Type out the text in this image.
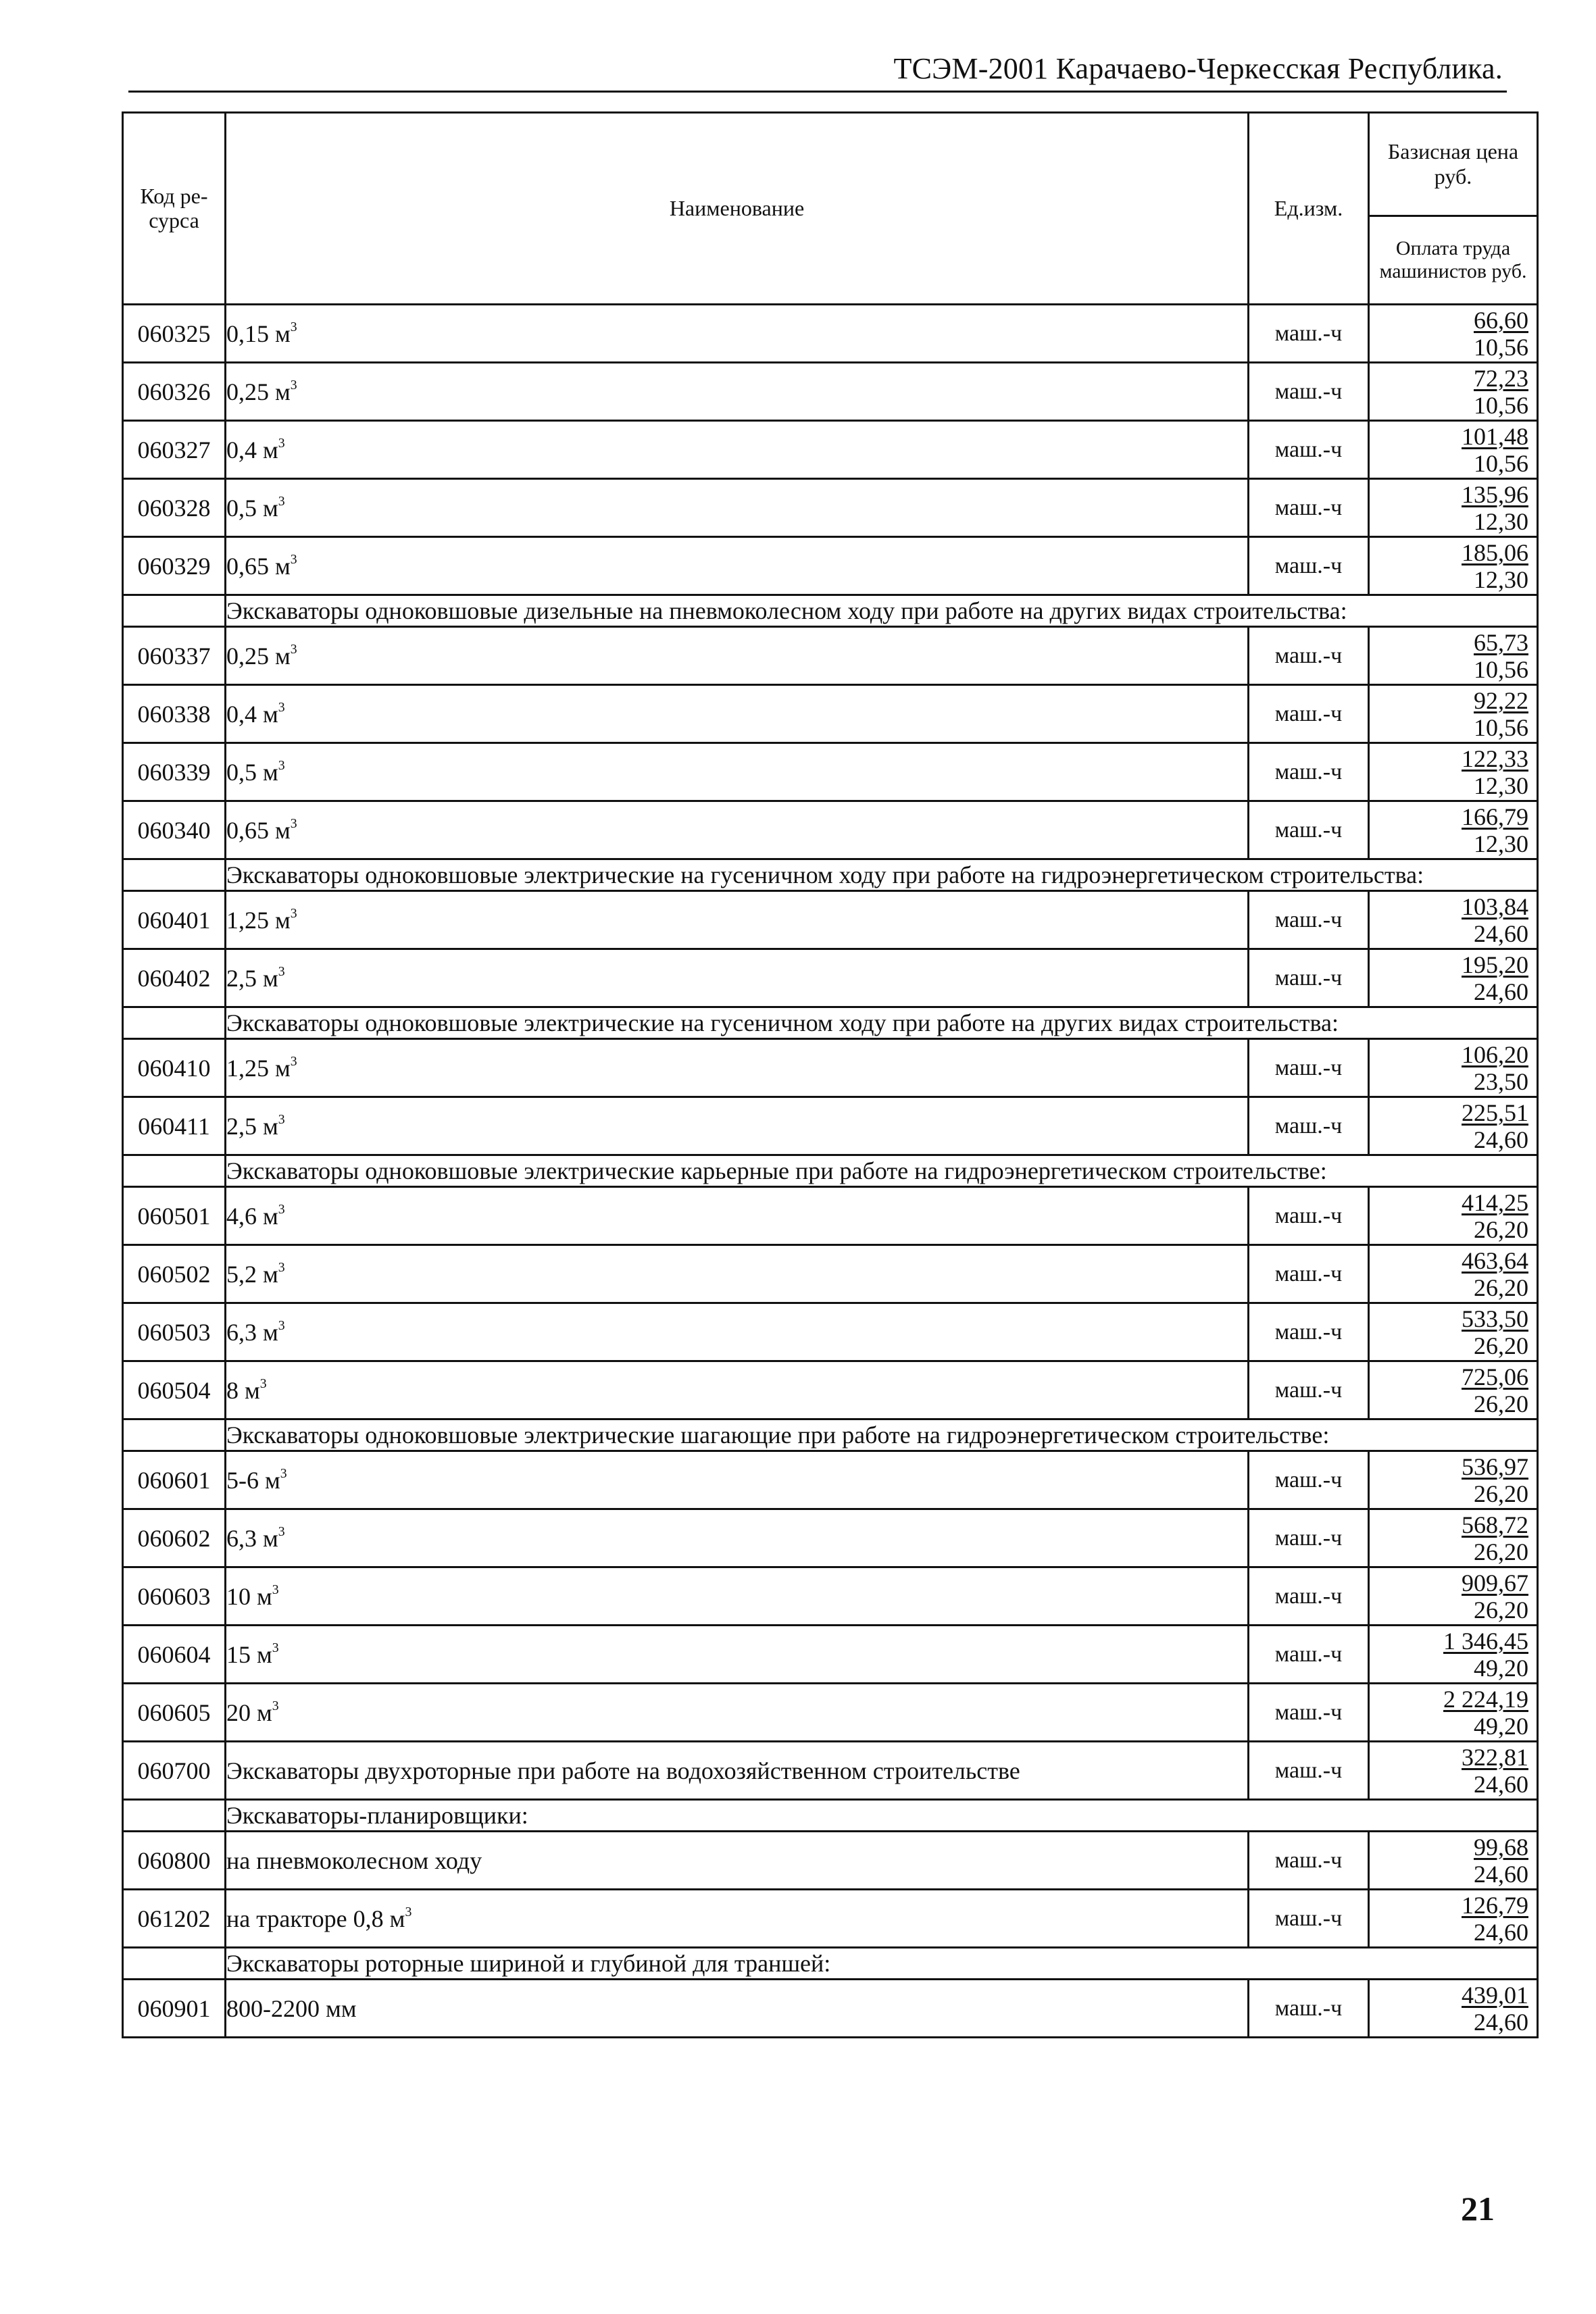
ТСЭМ-2001 Карачаево-Черкесская Республика.
Код ре-сурса	Наименование	Ед.изм.	Базисная цена руб.
Оплата труда машинистов руб.

060325	0,15 $м^3$	маш.-ч	66,60
10,56

060326	0,25 $м^3$	маш.-ч	72,23
10,56

060327	0,4 $м^3$	маш.-ч	101,48
10,56

060328	0,5 $м^3$	маш.-ч	135,96
12,30

060329	0,65 $м^3$	маш.-ч	185,06
12,30

	Экскаваторы одноковшовые дизельные на пневмоколесном ходу при работе на других видах строительства:		
060337	0,25 $м^3$	маш.-ч	65,73
10,56

060338	0,4 $м^3$	маш.-ч	92,22
10,56

060339	0,5 $м^3$	маш.-ч	122,33
12,30

060340	0,65 $м^3$	маш.-ч	166,79
12,30

	Экскаваторы одноковшовые электрические на гусеничном ходу при работе на гидроэнергетическом строительства:		
060401	1,25 $м^3$	маш.-ч	103,84
24,60

060402	2,5 $м^3$	маш.-ч	195,20
24,60

	Экскаваторы одноковшовые электрические на гусеничном ходу при работе на других видах строительства:		
060410	1,25 $м^3$	маш.-ч	106,20
23,50

060411	2,5 $м^3$	маш.-ч	225,51
24,60

	Экскаваторы одноковшовые электрические карьерные при работе на гидроэнергетическом строительстве:		
060501	4,6 $м^3$	маш.-ч	414,25
26,20

060502	5,2 $м^3$	маш.-ч	463,64
26,20

060503	6,3 $м^3$	маш.-ч	533,50
26,20

060504	8 $м^3$	маш.-ч	725,06
26,20

	Экскаваторы одноковшовые электрические шагающие при работе на гидроэнергетическом строительстве:		
060601	5-6 $м^3$	маш.-ч	536,97
26,20

060602	6,3 $м^3$	маш.-ч	568,72
26,20

060603	10 $м^3$	маш.-ч	909,67
26,20

060604	15 $м^3$	маш.-ч	1 346,45
49,20

060605	20 $м^3$	маш.-ч	2 224,19
49,20

060700	Экскаваторы двухроторные при работе на водохозяйственном строительстве	маш.-ч	322,81
24,60

	Экскаваторы-планировщики:		
060800	на пневмоколесном ходу	маш.-ч	99,68
24,60

061202	на тракторе 0,8 $м^3$	маш.-ч	126,79
24,60

	Экскаваторы роторные шириной и глубиной для траншей:		
060901	800-2200 мм	маш.-ч	439,01
24,60
21
